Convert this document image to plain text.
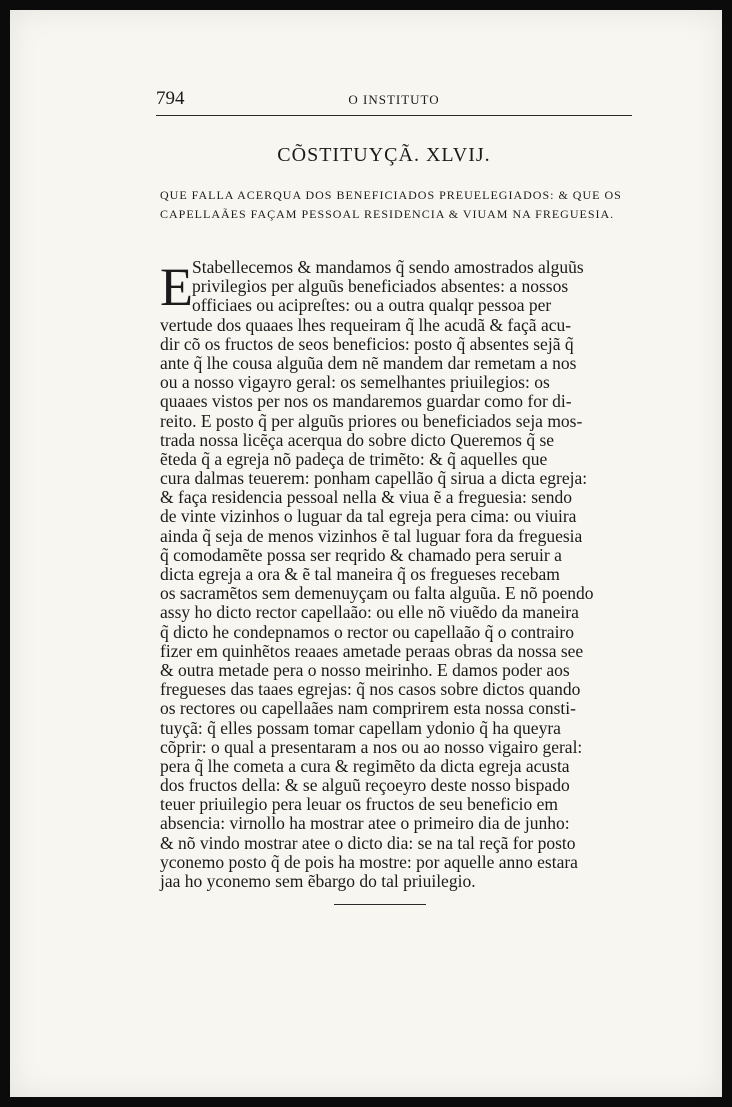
794	O INSTITUTO
CÕSTITUYÇÃ. XLVIJ.
QUE FALLA ACERQUA DOS BENEFICIADOS PREUELEGIADOS: & QUE OS CAPELLAÃES FAÇAM PESSOAL RESIDENCIA & VIUAM NA FREGUESIA.
E Stabellecemos & mandamos q̃ sendo amostrados alguũs
privilegios per alguũs beneficiados absentes: a nossos
officiaes ou acipreſtes: ou a outra qualqr pessoa per
vertude dos quaaes lhes requeiram q̃ lhe acudã & façã acu-
dir cõ os fructos de seos beneficios: posto q̃ absentes sejã q̃
ante q̃ lhe cousa alguũa dem nẽ mandem dar remetam a nos
ou a nosso vigayro geral: os semelhantes priuilegios: os
quaaes vistos per nos os mandaremos guardar como for di-
reito. E posto q̃ per alguũs priores ou beneficiados seja mos-
trada nossa licẽça acerqua do sobre dicto Queremos q̃ se
ẽteda q̃ a egreja nõ padeça de trimẽto: & q̃ aquelles que
cura dalmas teuerem: ponham capellão q̃ sirua a dicta egreja:
& faça residencia pessoal nella & viua ẽ a freguesia: sendo
de vinte vizinhos o luguar da tal egreja pera cima: ou viuira
ainda q̃ seja de menos vizinhos ẽ tal luguar fora da freguesia
q̃ comodamẽte possa ser reqrido & chamado pera seruir a
dicta egreja a ora & ẽ tal maneira q̃ os fregueses recebam
os sacramẽtos sem demenuyçam ou falta alguũa. E nõ poendo
assy ho dicto rector capellaão: ou elle nõ viuẽdo da maneira
q̃ dicto he condepnamos o rector ou capellaão q̃ o contrairo
fizer em quinhẽtos reaaes ametade peraas obras da nossa see
& outra metade pera o nosso meirinho. E damos poder aos
fregueses das taaes egrejas: q̃ nos casos sobre dictos quando
os rectores ou capellaães nam comprirem esta nossa consti-
tuyçã: q̃ elles possam tomar capellam ydonio q̃ ha queyra
cõprir: o qual a presentaram a nos ou ao nosso vigairo geral:
pera q̃ lhe cometa a cura & regimẽto da dicta egreja acusta
dos fructos della: & se alguũ reçoeyro deste nosso bispado
teuer priuilegio pera leuar os fructos de seu beneficio em
absencia: virnollo ha mostrar atee o primeiro dia de junho:
& nõ vindo mostrar atee o dicto dia: se na tal reçã for posto
yconemo posto q̃ de pois ha mostre: por aquelle anno estara
jaa ho yconemo sem ẽbargo do tal priuilegio.
